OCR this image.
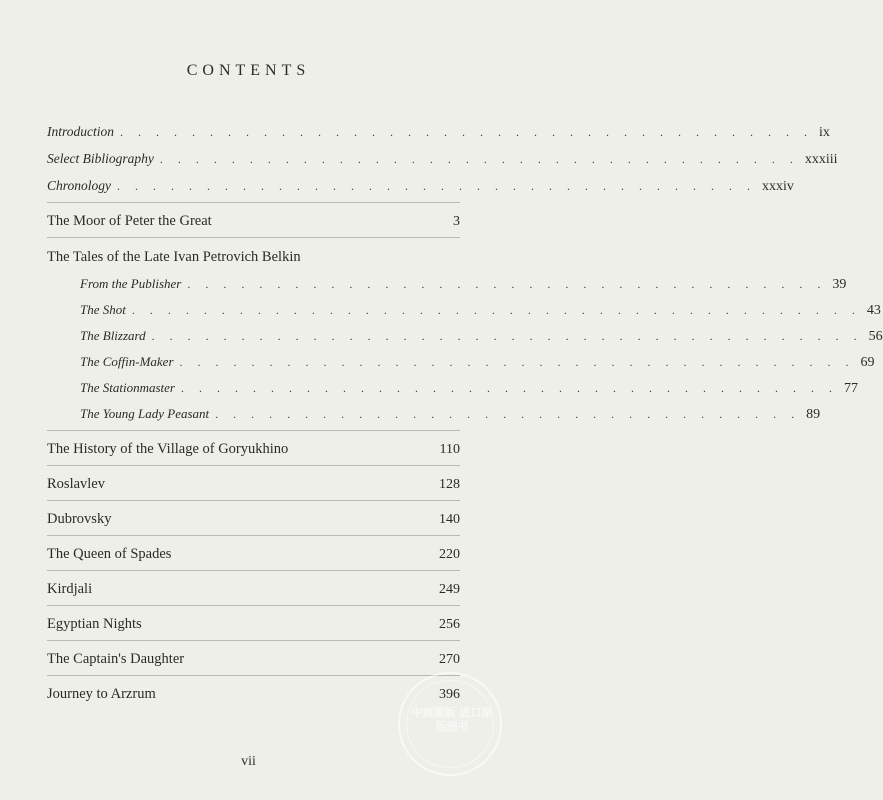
CONTENTS
Introduction . . . . . . . . . . . . . . . . . . . . . . . . . . . . . . . . . . . . . . . ix
Select Bibliography . . . . . . . . . . . . . . . . . . . . . . . . . . . . . . . . . . . . xxxiii
Chronology . . . . . . . . . . . . . . . . . . . . . . . . . . . . . . . . . . . . xxxiv
The Moor of Peter the Great	3
The Tales of the Late Ivan Petrovich Belkin
From the Publisher . . . . . . . . . . . . . . . . . . . . . . . . . . . . . . . . . . . . 39
The Shot . . . . . . . . . . . . . . . . . . . . . . . . . . . . . . . . . . . . . . . . . 43
The Blizzard . . . . . . . . . . . . . . . . . . . . . . . . . . . . . . . . . . . . . . . . 56
The Coffin-Maker . . . . . . . . . . . . . . . . . . . . . . . . . . . . . . . . . . . . . . 69
The Stationmaster . . . . . . . . . . . . . . . . . . . . . . . . . . . . . . . . . . . . . 77
The Young Lady Peasant . . . . . . . . . . . . . . . . . . . . . . . . . . . . . . . . . 89
The History of the Village of Goryukhino	110
Roslavlev	128
Dubrovsky	140
The Queen of Spades	220
Kirdjali	249
Egyptian Nights	256
The Captain's Daughter	270
Journey to Arzrum	396
vii
中商原版 进口原版图书
